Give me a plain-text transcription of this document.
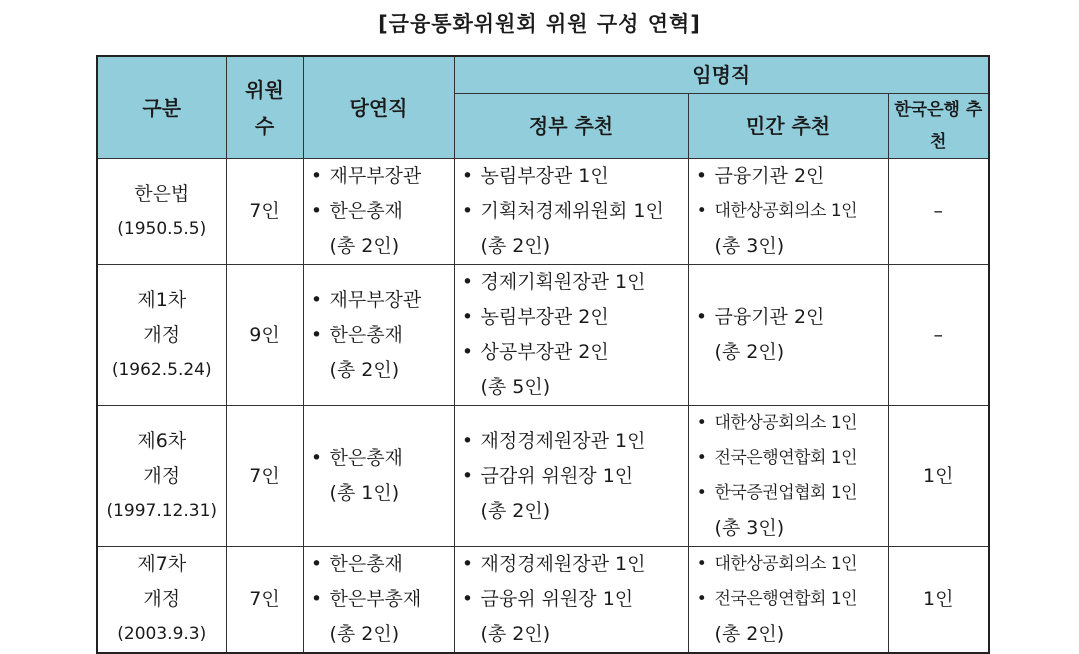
[금융통화위원회 위원 구성 연혁]
구분	위원 수	당연직	임명직		
			정부 추천	민간 추천	한국은행 추천

한은법
(1950.5.5)	7인	• 재무부장관
• 한은총재
(총 2인)	• 농림부장관 1인
• 기획처경제위원회 1인
(총 2인)	• 금융기관 2인
• 대한상공회의소 1인
(총 3인)	–

제1차
개정
(1962.5.24)	9인	• 재무부장관
• 한은총재
(총 2인)	• 경제기획원장관 1인
• 농림부장관 2인
• 상공부장관 2인
(총 5인)	• 금융기관 2인
(총 2인)	–

제6차
개정
(1997.12.31)	7인	• 한은총재
(총 1인)	• 재정경제원장관 1인
• 금감위 위원장 1인
(총 2인)	• 대한상공회의소 1인
• 전국은행연합회 1인
• 한국증권업협회 1인
(총 3인)	1인

제7차
개정
(2003.9.3)	7인	• 한은총재
• 한은부총재
(총 2인)	• 재정경제원장관 1인
• 금융위 위원장 1인
(총 2인)	• 대한상공회의소 1인
• 전국은행연합회 1인
(총 2인)	1인
